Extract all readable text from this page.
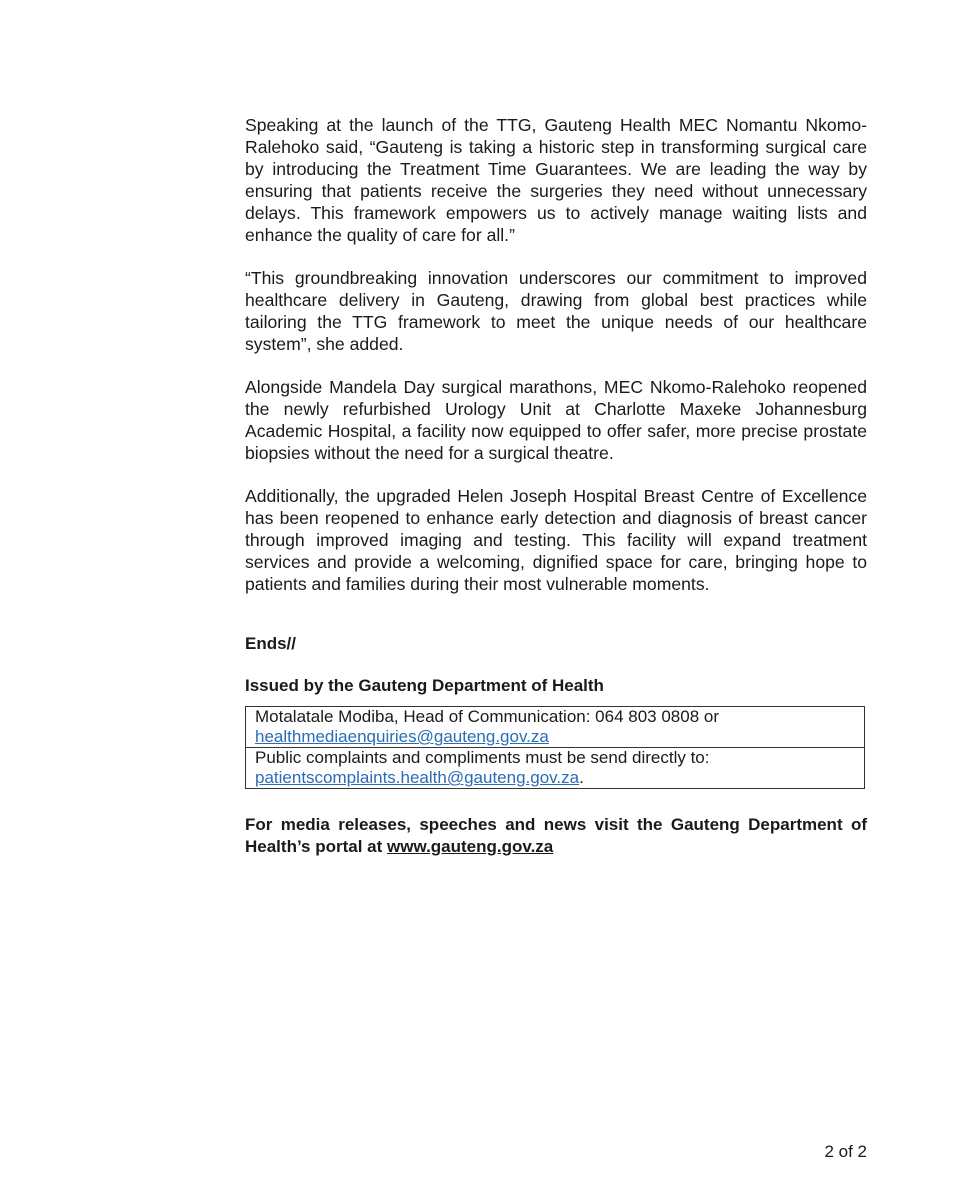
Speaking at the launch of the TTG, Gauteng Health MEC Nomantu Nkomo-Ralehoko said, “Gauteng is taking a historic step in transforming surgical care by introducing the Treatment Time Guarantees. We are leading the way by ensuring that patients receive the surgeries they need without unnecessary delays. This framework empowers us to actively manage waiting lists and enhance the quality of care for all.”

“This groundbreaking innovation underscores our commitment to improved healthcare delivery in Gauteng, drawing from global best practices while tailoring the TTG framework to meet the unique needs of our healthcare system”, she added.

Alongside Mandela Day surgical marathons, MEC Nkomo-Ralehoko reopened the newly refurbished Urology Unit at Charlotte Maxeke Johannesburg Academic Hospital, a facility now equipped to offer safer, more precise prostate biopsies without the need for a surgical theatre.

Additionally, the upgraded Helen Joseph Hospital Breast Centre of Excellence has been reopened to enhance early detection and diagnosis of breast cancer through improved imaging and testing. This facility will expand treatment services and provide a welcoming, dignified space for care, bringing hope to patients and families during their most vulnerable moments.

Ends//
Issued by the Gauteng Department of Health
Motalatale Modiba, Head of Communication: 064 803 0808 or
healthmediaenquiries@gauteng.gov.za
Public complaints and compliments must be send directly to:
patientscomplaints.health@gauteng.gov.za.

For media releases, speeches and news visit the Gauteng Department of Health’s portal at www.gauteng.gov.za

2 of 2
